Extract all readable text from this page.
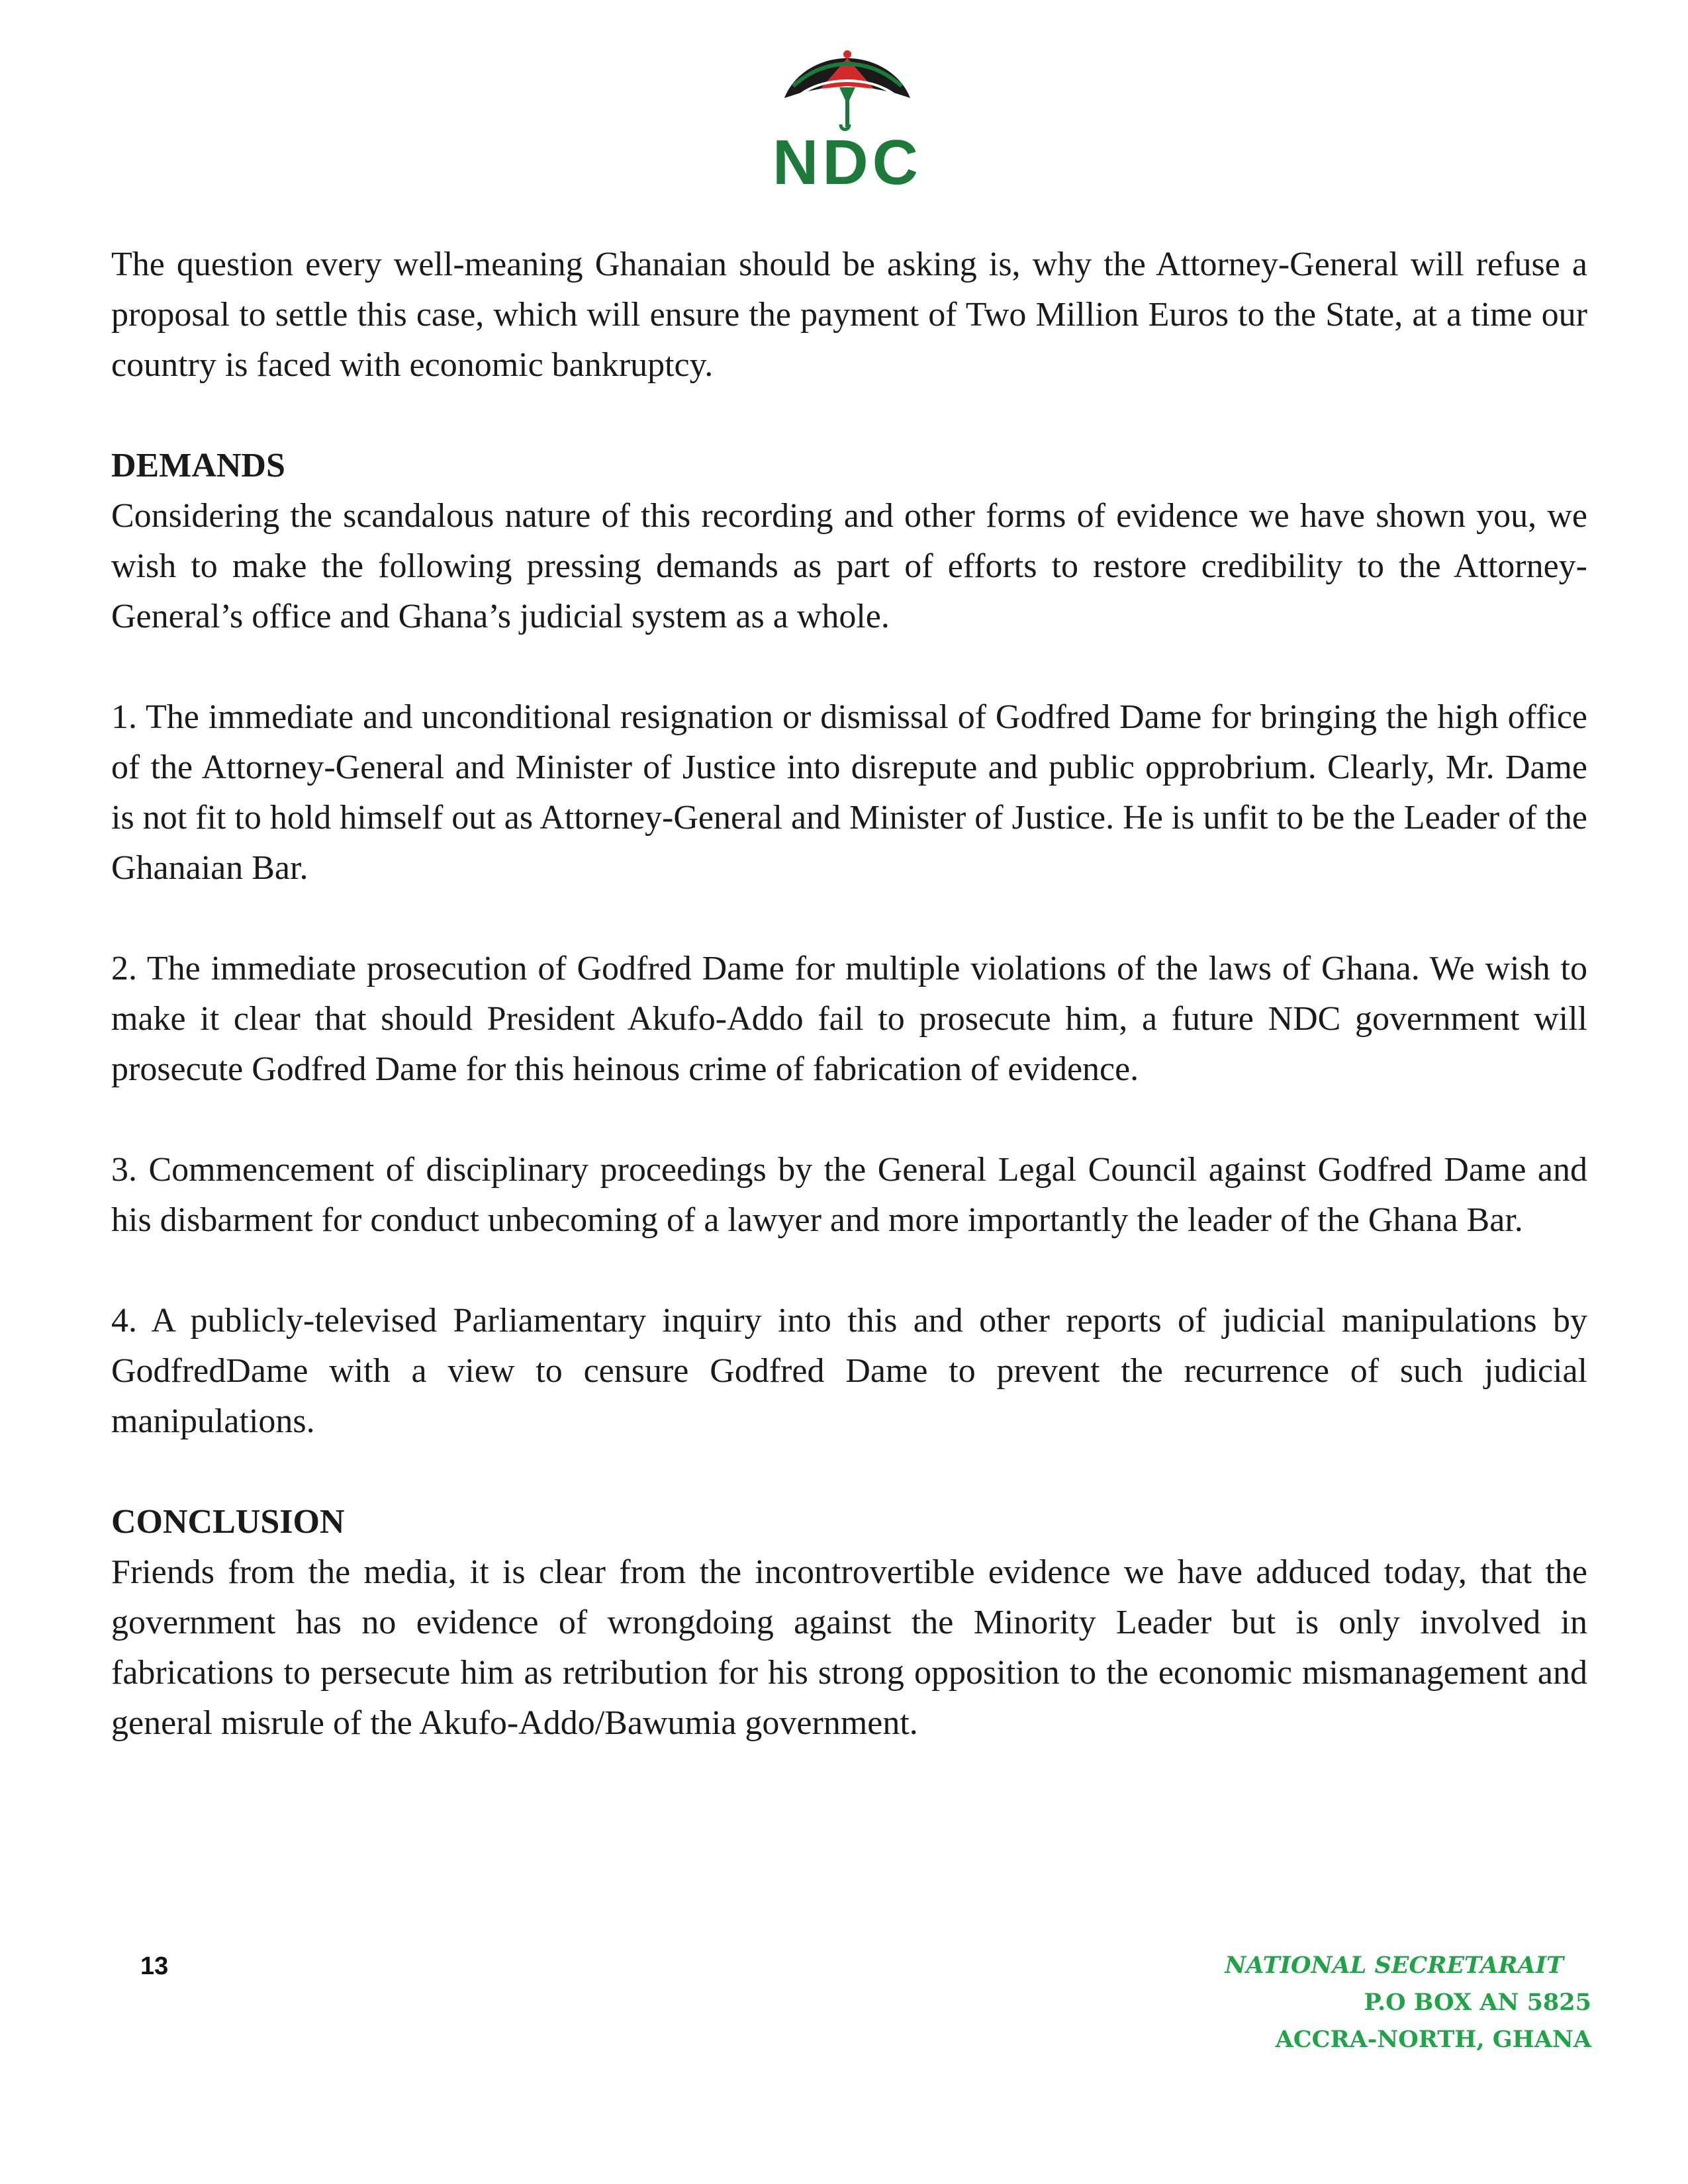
NDC

The question every well-meaning Ghanaian should be asking is, why the Attorney-General will refuse a proposal to settle this case, which will ensure the payment of Two Million Euros to the State, at a time our country is faced with economic bankruptcy.

DEMANDS

Considering the scandalous nature of this recording and other forms of evidence we have shown you, we wish to make the following pressing demands as part of efforts to restore credibility to the Attorney-General’s office and Ghana’s judicial system as a whole.

1. The immediate and unconditional resignation or dismissal of Godfred Dame for bringing the high office of the Attorney-General and Minister of Justice into disrepute and public opprobrium. Clearly, Mr. Dame is not fit to hold himself out as Attorney-General and Minister of Justice. He is unfit to be the Leader of the Ghanaian Bar.

2. The immediate prosecution of Godfred Dame for multiple violations of the laws of Ghana. We wish to make it clear that should President Akufo-Addo fail to prosecute him, a future NDC government will prosecute Godfred Dame for this heinous crime of fabrication of evidence.

3. Commencement of disciplinary proceedings by the General Legal Council against Godfred Dame and his disbarment for conduct unbecoming of a lawyer and more importantly the leader of the Ghana Bar.

4. A publicly-televised Parliamentary inquiry into this and other reports of judicial manipulations by GodfredDame with a view to censure Godfred Dame to prevent the recurrence of such judicial manipulations.

CONCLUSION

Friends from the media, it is clear from the incontrovertible evidence we have adduced today, that the government has no evidence of wrongdoing against the Minority Leader but is only involved in fabrications to persecute him as retribution for his strong opposition to the economic mismanagement and general misrule of the Akufo-Addo/Bawumia government.

13	NATIONAL SECRETARAIT
P.O BOX AN 5825
ACCRA-NORTH, GHANA
